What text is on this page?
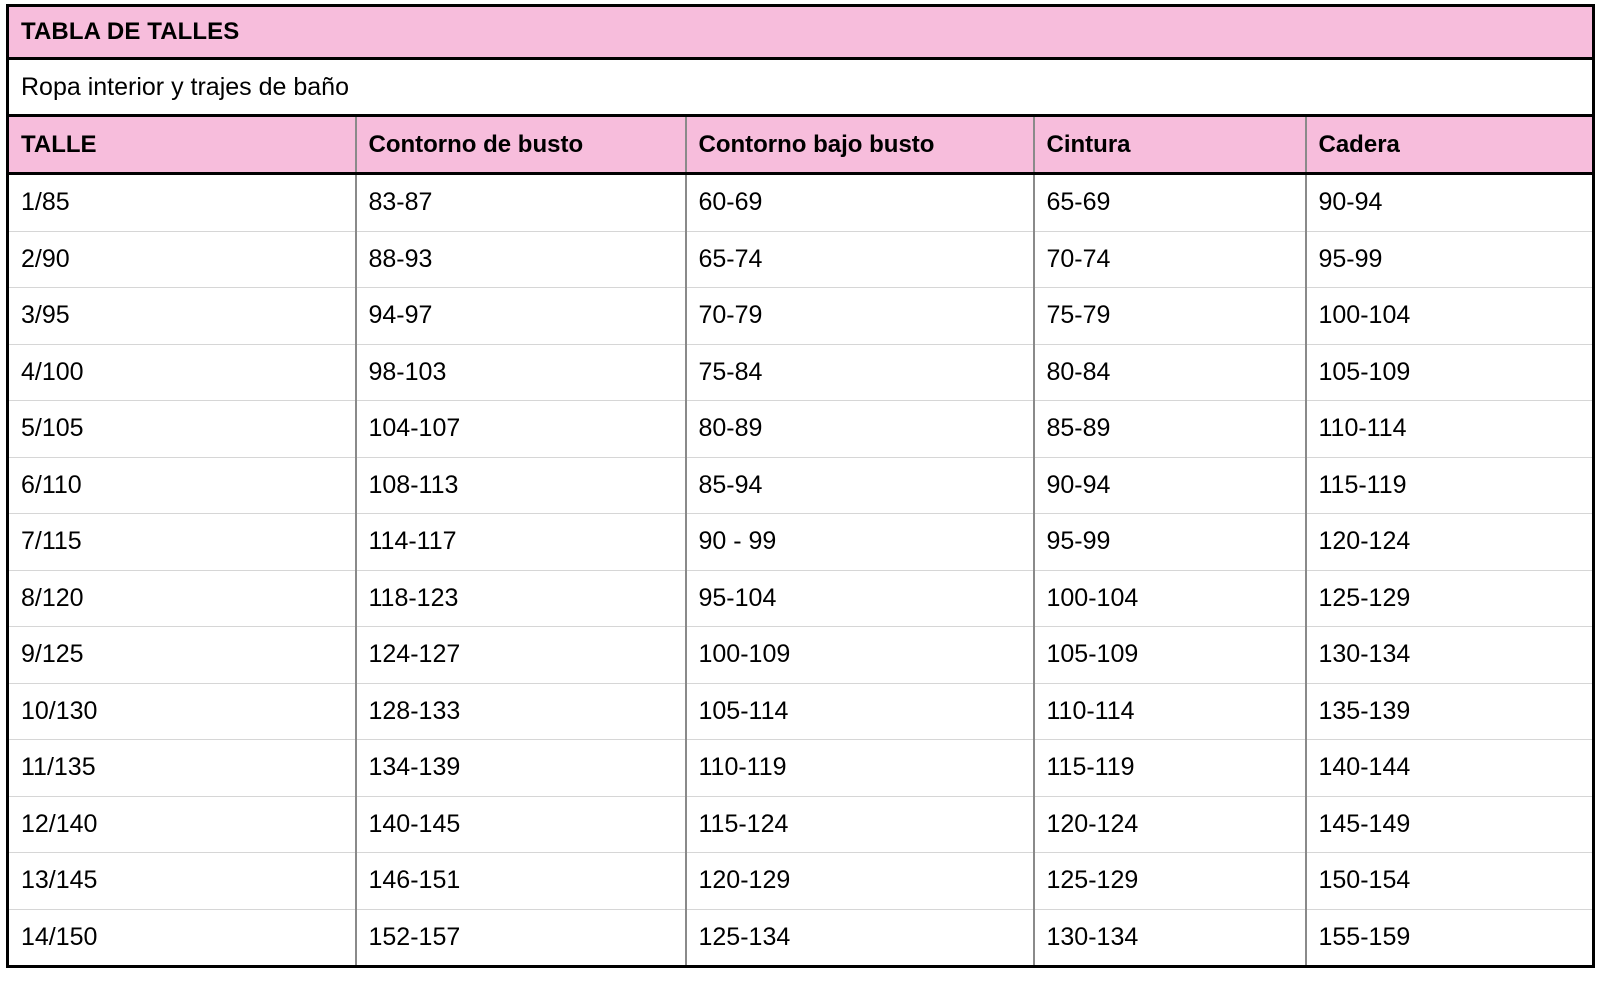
TABLA DE TALLES				
Ropa interior y trajes de baño				
TALLE	Contorno de busto	Contorno bajo busto	Cintura	Cadera
1/85	83-87	60-69	65-69	90-94
2/90	88-93	65-74	70-74	95-99
3/95	94-97	70-79	75-79	100-104
4/100	98-103	75-84	80-84	105-109
5/105	104-107	80-89	85-89	110-114
6/110	108-113	85-94	90-94	115-119
7/115	114-117	90 - 99	95-99	120-124
8/120	118-123	95-104	100-104	125-129
9/125	124-127	100-109	105-109	130-134
10/130	128-133	105-114	110-114	135-139
11/135	134-139	110-119	115-119	140-144
12/140	140-145	115-124	120-124	145-149
13/145	146-151	120-129	125-129	150-154
14/150	152-157	125-134	130-134	155-159
